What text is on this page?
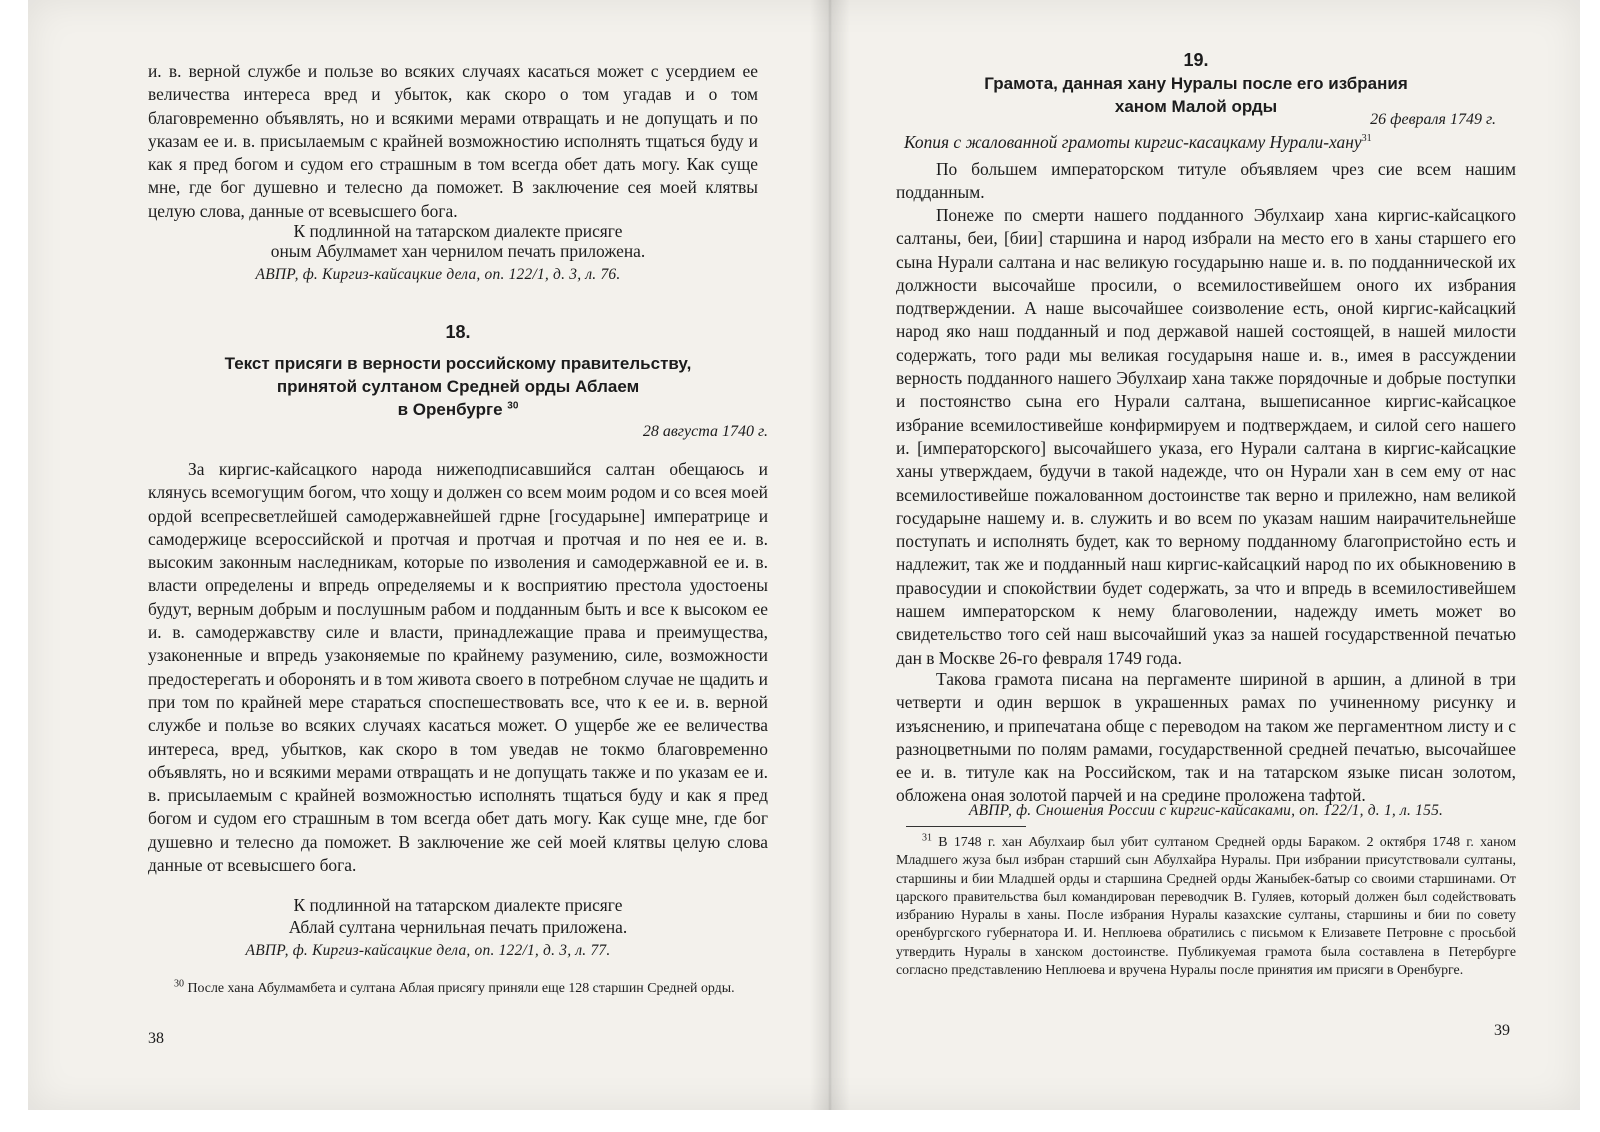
и. в. верной службе и пользе во всяких случаях касаться может с усердием ее величества интереса вред и убыток, как скоро о том угадав и о том благовременно объявлять, но и всякими мерами отвращать и не допущать и по указам ее и. в. присылаемым с крайней возможностию исполнять тщаться буду и как я пред богом и судом его страшным в том всегда обет дать могу. Как суще мне, где бог душевно и телесно да поможет. В заключение сея моей клятвы целую слова, данные от всевысшего бога.

К подлинной на татарском диалекте присяге

оным Абулмамет хан чернилом печать приложена.

АВПР, ф. Киргиз-кайсацкие дела, оп. 122/1, д. 3, л. 76.

18.

Текст присяги в верности российскому правительству,

принятой султаном Средней орды Аблаем

в Оренбурге $^{30}$

28 августа 1740 г.

За киргис-кайсацкого народа нижеподписавшийся салтан обещаюсь и клянусь всемогущим богом, что хощу и должен со всем моим родом и со всея моей ордой всепресветлейшей самодержавнейшей гдрне [государыне] императрице и самодержице всероссийской и протчая и протчая и протчая и по нея ее и. в. высоким законным наследникам, которые по изволения и самодержавной ее и. в. власти определены и впредь определяемы и к восприятию престола удостоены будут, верным добрым и послушным рабом и подданным быть и все к высоком ее и. в. самодержавству силе и власти, принадлежащие права и преимущества, узаконенные и впредь узаконяемые по крайнему разумению, силе, возможности предостерегать и оборонять и в том живота своего в потребном случае не щадить и при том по крайней мере стараться споспешествовать все, что к ее и. в. верной службе и пользе во всяких случаях касаться может. О ущербе же ее величества интереса, вред, убытков, как скоро в том уведав не токмо благовременно объявлять, но и всякими мерами отвращать и не допущать также и по указам ее и. в. присылаемым с крайней возможностью исполнять тщаться буду и как я пред богом и судом его страшным в том всегда обет дать могу. Как суще мне, где бог душевно и телесно да поможет. В заключение же сей моей клятвы целую слова данные от всевысшего бога.

К подлинной на татарском диалекте присяге

Аблай султана чернильная печать приложена.

АВПР, ф. Киргиз-кайсацкие дела, оп. 122/1, д. 3, л. 77.

$^{30}$ После хана Абулмамбета и султана Аблая присягу приняли еще 128 старшин Средней орды.

38

19.

Грамота, данная хану Нуралы после его избрания

ханом Малой орды

26 февраля 1749 г.

Копия с жалованной грамоты киргис-касацкаму Нурали-хану$^{31}$

По большем императорском титуле объявляем чрез сие всем нашим подданным.

Понеже по смерти нашего подданного Эбулхаир хана киргис-кайсацкого салтаны, беи, [бии] старшина и народ избрали на место его в ханы старшего его сына Нурали салтана и нас великую государыню наше и. в. по подданнической их должности высочайше просили, о всемилостивейшем оного их избрания подтверждении. А наше высочайшее соизволение есть, оной киргис-кайсацкий народ яко наш подданный и под державой нашей состоящей, в нашей милости содержать, того ради мы великая государыня наше и. в., имея в рассуждении верность подданного нашего Эбулхаир хана также порядочные и добрые поступки и постоянство сына его Нурали салтана, вышеписанное киргис-кайсацкое избрание всемилостивейше конфирмируем и подтверждаем, и силой сего нашего и. [императорского] высочайшего указа, его Нурали салтана в киргис-кайсацкие ханы утверждаем, будучи в такой надежде, что он Нурали хан в сем ему от нас всемилостивейше пожалованном достоинстве так верно и прилежно, нам великой государыне нашему и. в. служить и во всем по указам нашим наирачительнейше поступать и исполнять будет, как то верному подданному благопристойно есть и надлежит, так же и подданный наш киргис-кайсацкий народ по их обыкновению в правосудии и спокойствии будет содержать, за что и впредь в всемилостивейшем нашем императорском к нему благоволении, надежду иметь может во свидетельство того сей наш высочайший указ за нашей государственной печатью дан в Москве 26-го февраля 1749 года.

Такова грамота писана на пергаменте шириной в аршин, а длиной в три четверти и один вершок в украшенных рамах по учиненному рисунку и изъяснению, и припечатана обще с переводом на таком же пергаментном листу и с разноцветными по полям рамами, государственной средней печатью, высочайшее ее и. в. титуле как на Российском, так и на татарском языке писан золотом, обложена оная золотой парчей и на средине проложена тафтой.

АВПР, ф. Сношения России с киргис-кайсаками, оп. 122/1, д. 1, л. 155.

$^{31}$ В 1748 г. хан Абулхаир был убит султаном Средней орды Бараком. 2 октября 1748 г. ханом Младшего жуза был избран старший сын Абулхайра Нуралы. При избрании присутствовали султаны, старшины и бии Младшей орды и старшина Средней орды Жаныбек-батыр со своими старшинами. От царского правительства был командирован переводчик В. Гуляев, который должен был содействовать избранию Нуралы в ханы. После избрания Нуралы казахские султаны, старшины и бии по совету оренбургского губернатора И. И. Неплюева обратились с письмом к Елизавете Петровне с просьбой утвердить Нуралы в ханском достоинстве. Публикуемая грамота была составлена в Петербурге согласно представлению Неплюева и вручена Нуралы после принятия им присяги в Оренбурге.

39
